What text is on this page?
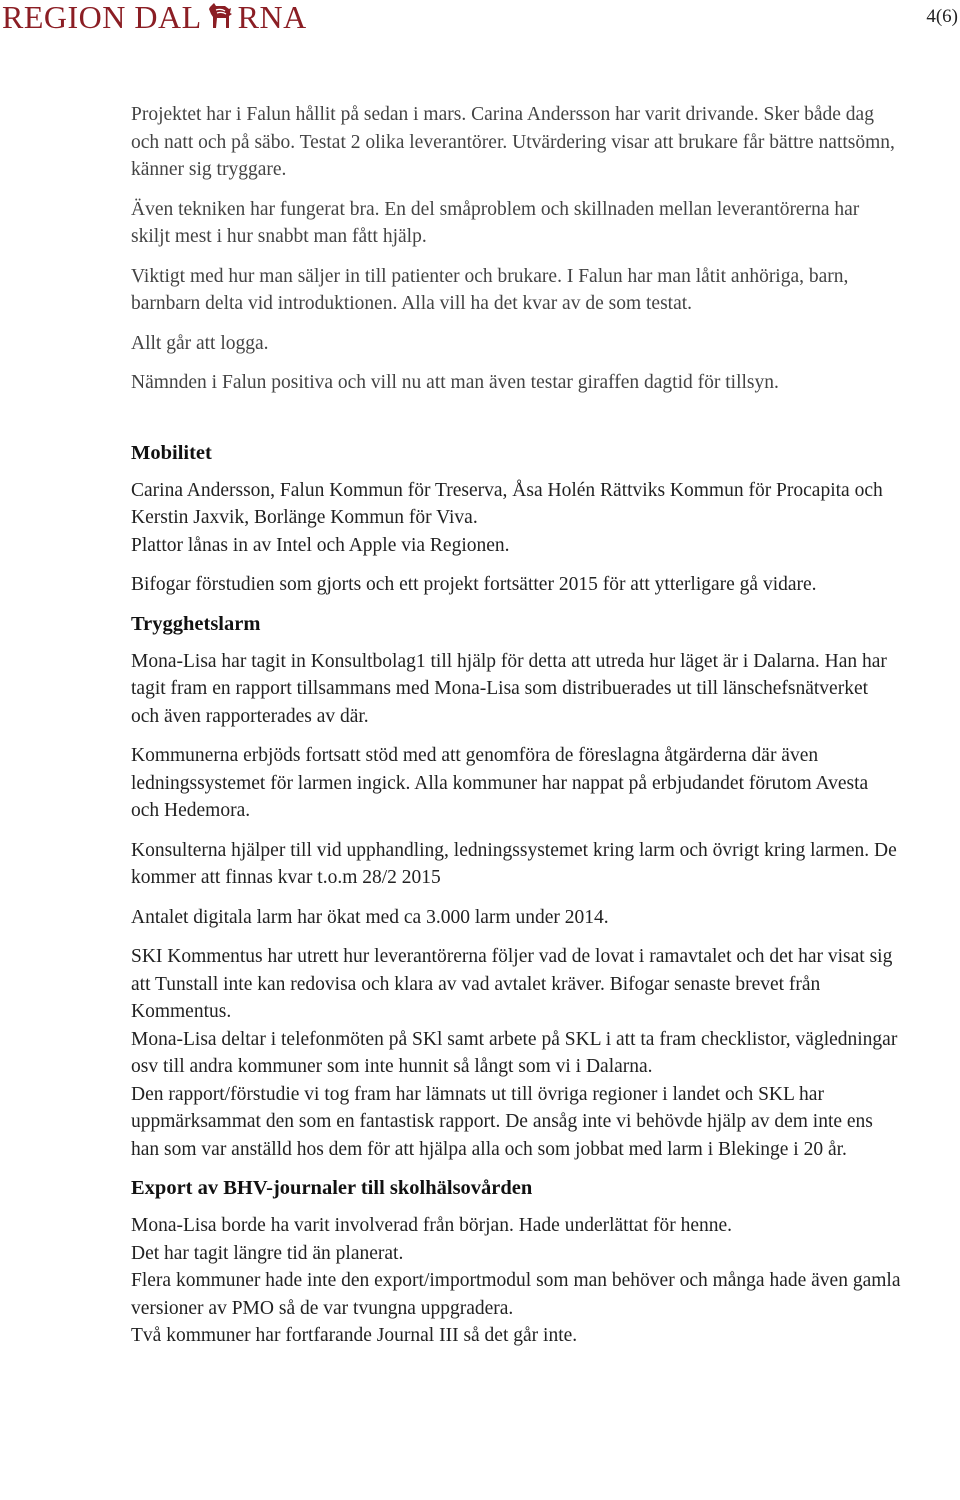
REGION DAL RNA	4(6)

Projektet har i Falun hållit på sedan i mars. Carina Andersson har varit drivande. Sker både dag och natt och på säbo. Testat 2 olika leverantörer. Utvärdering visar att brukare får bättre nattsömn, känner sig tryggare.

Även tekniken har fungerat bra. En del småproblem och skillnaden mellan leverantörerna har skiljt mest i hur snabbt man fått hjälp.

Viktigt med hur man säljer in till patienter och brukare. I Falun har man låtit anhöriga, barn, barnbarn delta vid introduktionen. Alla vill ha det kvar av de som testat.

Allt går att logga.

Nämnden i Falun positiva och vill nu att man även testar giraffen dagtid för tillsyn.

Mobilitet

Carina Andersson, Falun Kommun för Treserva, Åsa Holén Rättviks Kommun för Procapita och Kerstin Jaxvik, Borlänge Kommun för Viva.

Plattor lånas in av Intel och Apple via Regionen.

Bifogar förstudien som gjorts och ett projekt fortsätter 2015 för att ytterligare gå vidare.

Trygghetslarm

Mona-Lisa har tagit in Konsultbolag1 till hjälp för detta att utreda hur läget är i Dalarna. Han har tagit fram en rapport tillsammans med Mona-Lisa som distribuerades ut till länschefsnätverket och även rapporterades av där.

Kommunerna erbjöds fortsatt stöd med att genomföra de föreslagna åtgärderna där även ledningssystemet för larmen ingick. Alla kommuner har nappat på erbjudandet förutom Avesta och Hedemora.

Konsulterna hjälper till vid upphandling, ledningssystemet kring larm och övrigt kring larmen. De kommer att finnas kvar t.o.m 28/2 2015

Antalet digitala larm har ökat med ca 3.000 larm under 2014.

SKI Kommentus har utrett hur leverantörerna följer vad de lovat i ramavtalet och det har visat sig att Tunstall inte kan redovisa och klara av vad avtalet kräver. Bifogar senaste brevet från Kommentus.

Mona-Lisa deltar i telefonmöten på SKl samt arbete på SKL i att ta fram checklistor, vägledningar osv till andra kommuner som inte hunnit så långt som vi i Dalarna.

Den rapport/förstudie vi tog fram har lämnats ut till övriga regioner i landet och SKL har uppmärksammat den som en fantastisk rapport. De ansåg inte vi behövde hjälp av dem inte ens han som var anställd hos dem för att hjälpa alla och som jobbat med larm i Blekinge i 20 år.

Export av BHV-journaler till skolhälsovården

Mona-Lisa borde ha varit involverad från början. Hade underlättat för henne.

Det har tagit längre tid än planerat.

Flera kommuner hade inte den export/importmodul som man behöver och många hade även gamla versioner av PMO så de var tvungna uppgradera.

Två kommuner har fortfarande Journal III så det går inte.
